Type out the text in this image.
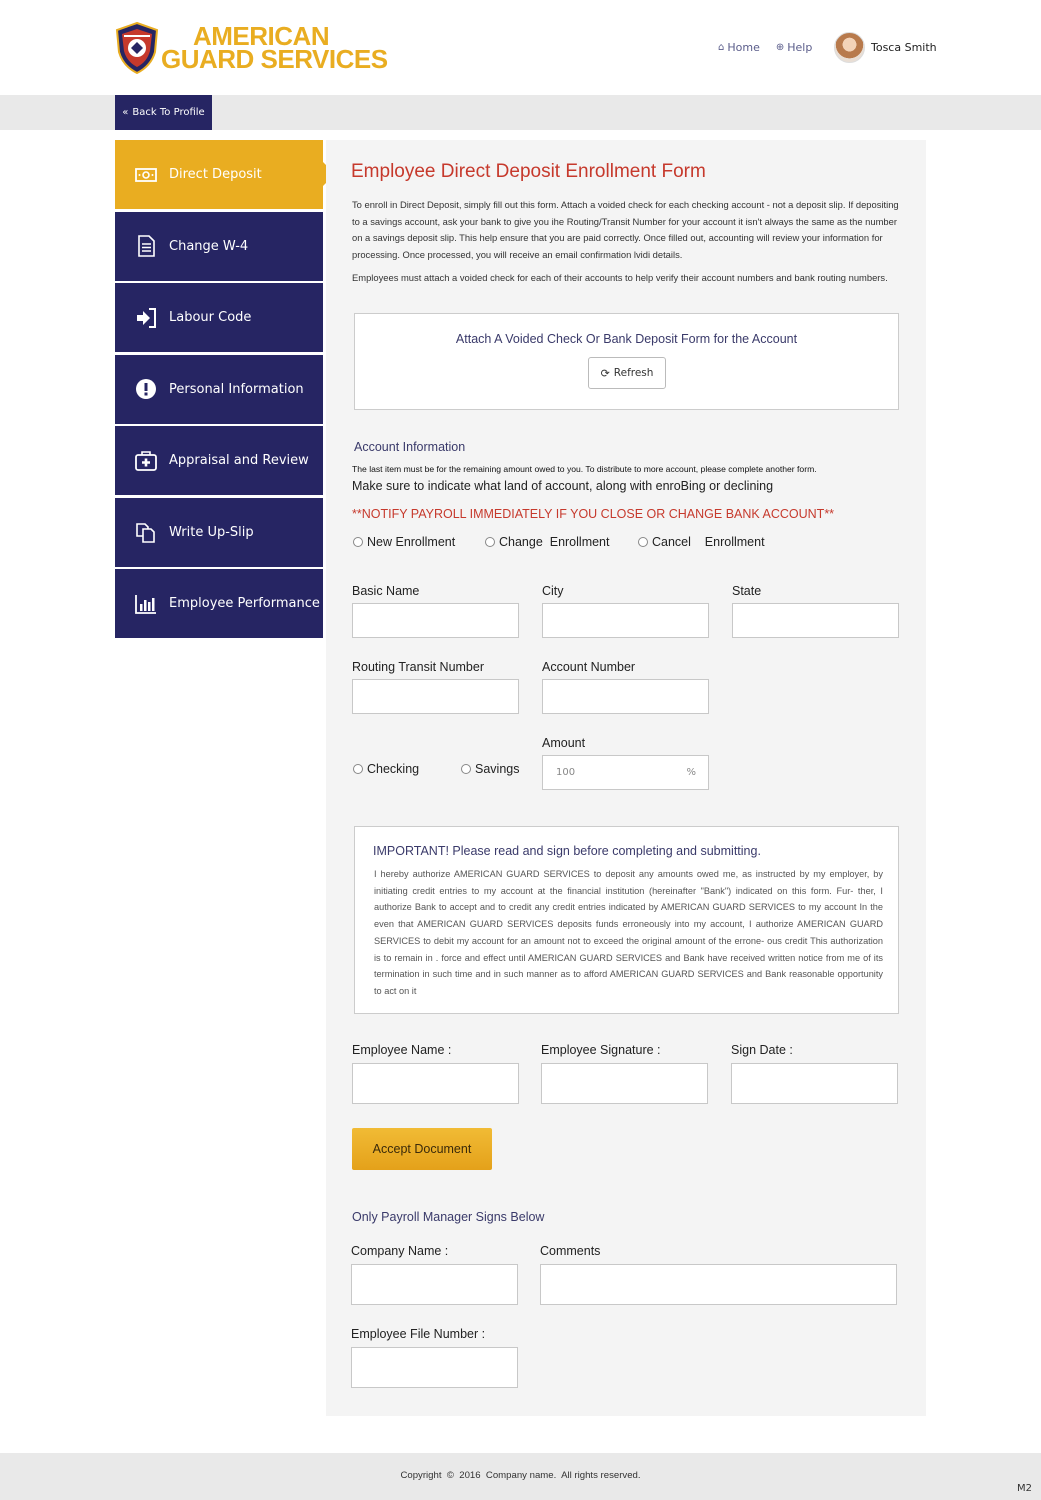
AMERICAN
GUARD SERVICES	⌂ Home ⊕ Help	Tosca Smith
« Back To Profile
Direct Deposit
Change W-4
Labour Code
Personal Information
Appraisal and Review
Write Up-Slip
Employee Performance
Employee Direct Deposit Enrollment Form
To enroll in Direct Deposit, simply fill out this form. Attach a voided check for each checking account - not a deposit slip. If depositing to a savings account, ask your bank to give you ihe Routing/Transit Number for your account it isn't always the same as the number on a savings deposit slip. This help ensure that you are paid correctly. Once filled out, accounting will review your information for processing. Once processed, you will receive an email confirmation lvidi details.
Employees must attach a voided check for each of their accounts to help verify their account numbers and bank routing numbers.
Attach A Voided Check Or Bank Deposit Form for the Account
⟳ Refresh
Account Information
The last item must be for the remaining amount owed to you. To distribute to more account, please complete another form.
Make sure to indicate what land of account, along with enroBing or declining
**NOTIFY PAYROLL IMMEDIATELY IF YOU CLOSE OR CHANGE BANK ACCOUNT**
New Enrollment	Change  Enrollment	Cancel    Enrollment
Basic Name	City	State
Routing Transit Number	Account Number
Checking	Savings
Amount
100	%
IMPORTANT! Please read and sign before completing and submitting.
I hereby authorize AMERICAN GUARD SERVICES to deposit any amounts owed me, as instructed by my employer, by initiating credit entries to my account at the financial institution (hereinafter "Bank") indicated on this form. Fur- ther, I authorize Bank to accept and to credit any credit entries indicated by AMERICAN GUARD SERVICES to my account In the even that AMERICAN GUARD SERVICES deposits funds erroneously into my account, I authorize AMERICAN GUARD SERVICES to debit my account for an amount not to exceed the original amount of the errone- ous credit This authorization is to remain in . force and effect until AMERICAN GUARD SERVICES and Bank have received written notice from me of its termination in such time and in such manner as to afford AMERICAN GUARD SERVICES and Bank reasonable opportunity to act on it
Employee Name :	Employee Signature :	Sign Date :
Accept Document
Only Payroll Manager Signs Below
Company Name :	Comments
Employee File Number :
Copyright  ©  2016  Company name.  All rights reserved.
M2
